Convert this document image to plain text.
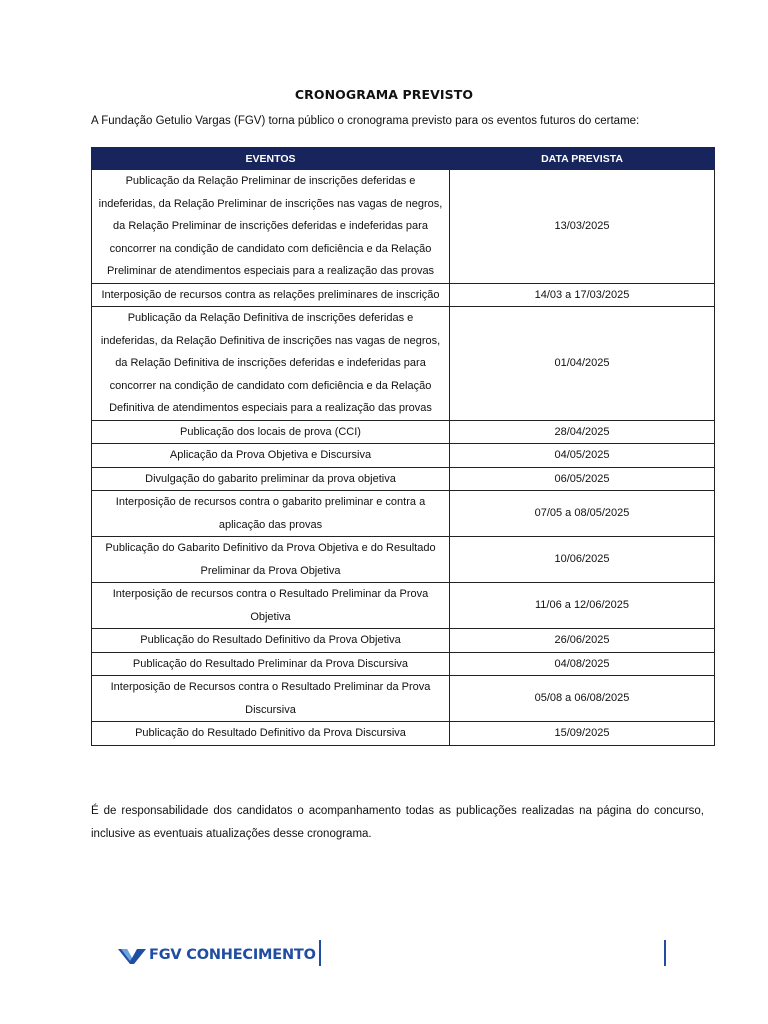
CRONOGRAMA PREVISTO
A Fundação Getulio Vargas (FGV) torna público o cronograma previsto para os eventos futuros do certame:
EVENTOS	DATA PREVISTA
Publicação da Relação Preliminar de inscrições deferidas e indeferidas, da Relação Preliminar de inscrições nas vagas de negros, da Relação Preliminar de inscrições deferidas e indeferidas para concorrer na condição de candidato com deficiência e da Relação Preliminar de atendimentos especiais para a realização das provas	13/03/2025
Interposição de recursos contra as relações preliminares de inscrição	14/03 a 17/03/2025
Publicação da Relação Definitiva de inscrições deferidas e indeferidas, da Relação Definitiva de inscrições nas vagas de negros, da Relação Definitiva de inscrições deferidas e indeferidas para concorrer na condição de candidato com deficiência e da Relação Definitiva de atendimentos especiais para a realização das provas	01/04/2025
Publicação dos locais de prova (CCI)	28/04/2025
Aplicação da Prova Objetiva e Discursiva	04/05/2025
Divulgação do gabarito preliminar da prova objetiva	06/05/2025
Interposição de recursos contra o gabarito preliminar e contra a aplicação das provas	07/05 a 08/05/2025
Publicação do Gabarito Definitivo da Prova Objetiva e do Resultado Preliminar da Prova Objetiva	10/06/2025
Interposição de recursos contra o Resultado Preliminar da Prova Objetiva	11/06 a 12/06/2025
Publicação do Resultado Definitivo da Prova Objetiva	26/06/2025
Publicação do Resultado Preliminar da Prova Discursiva	04/08/2025
Interposição de Recursos contra o Resultado Preliminar da Prova Discursiva	05/08 a 06/08/2025
Publicação do Resultado Definitivo da Prova Discursiva	15/09/2025
É de responsabilidade dos candidatos o acompanhamento todas as publicações realizadas na página do concurso, inclusive as eventuais atualizações desse cronograma.
FGV CONHECIMENTO
